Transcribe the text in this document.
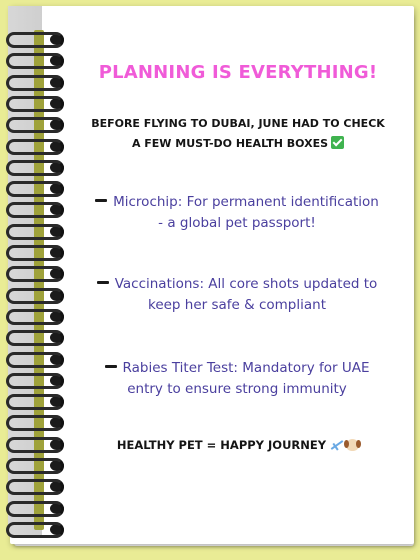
PLANNING IS EVERYTHING!
BEFORE FLYING TO DUBAI, JUNE HAD TO CHECK
A FEW MUST-DO HEALTH BOXES
Microchip: For permanent identification
- a global pet passport!
Vaccinations: All core shots updated to
keep her safe & compliant
Rabies Titer Test: Mandatory for UAE
entry to ensure strong immunity
HEALTHY PET = HAPPY JOURNEY
